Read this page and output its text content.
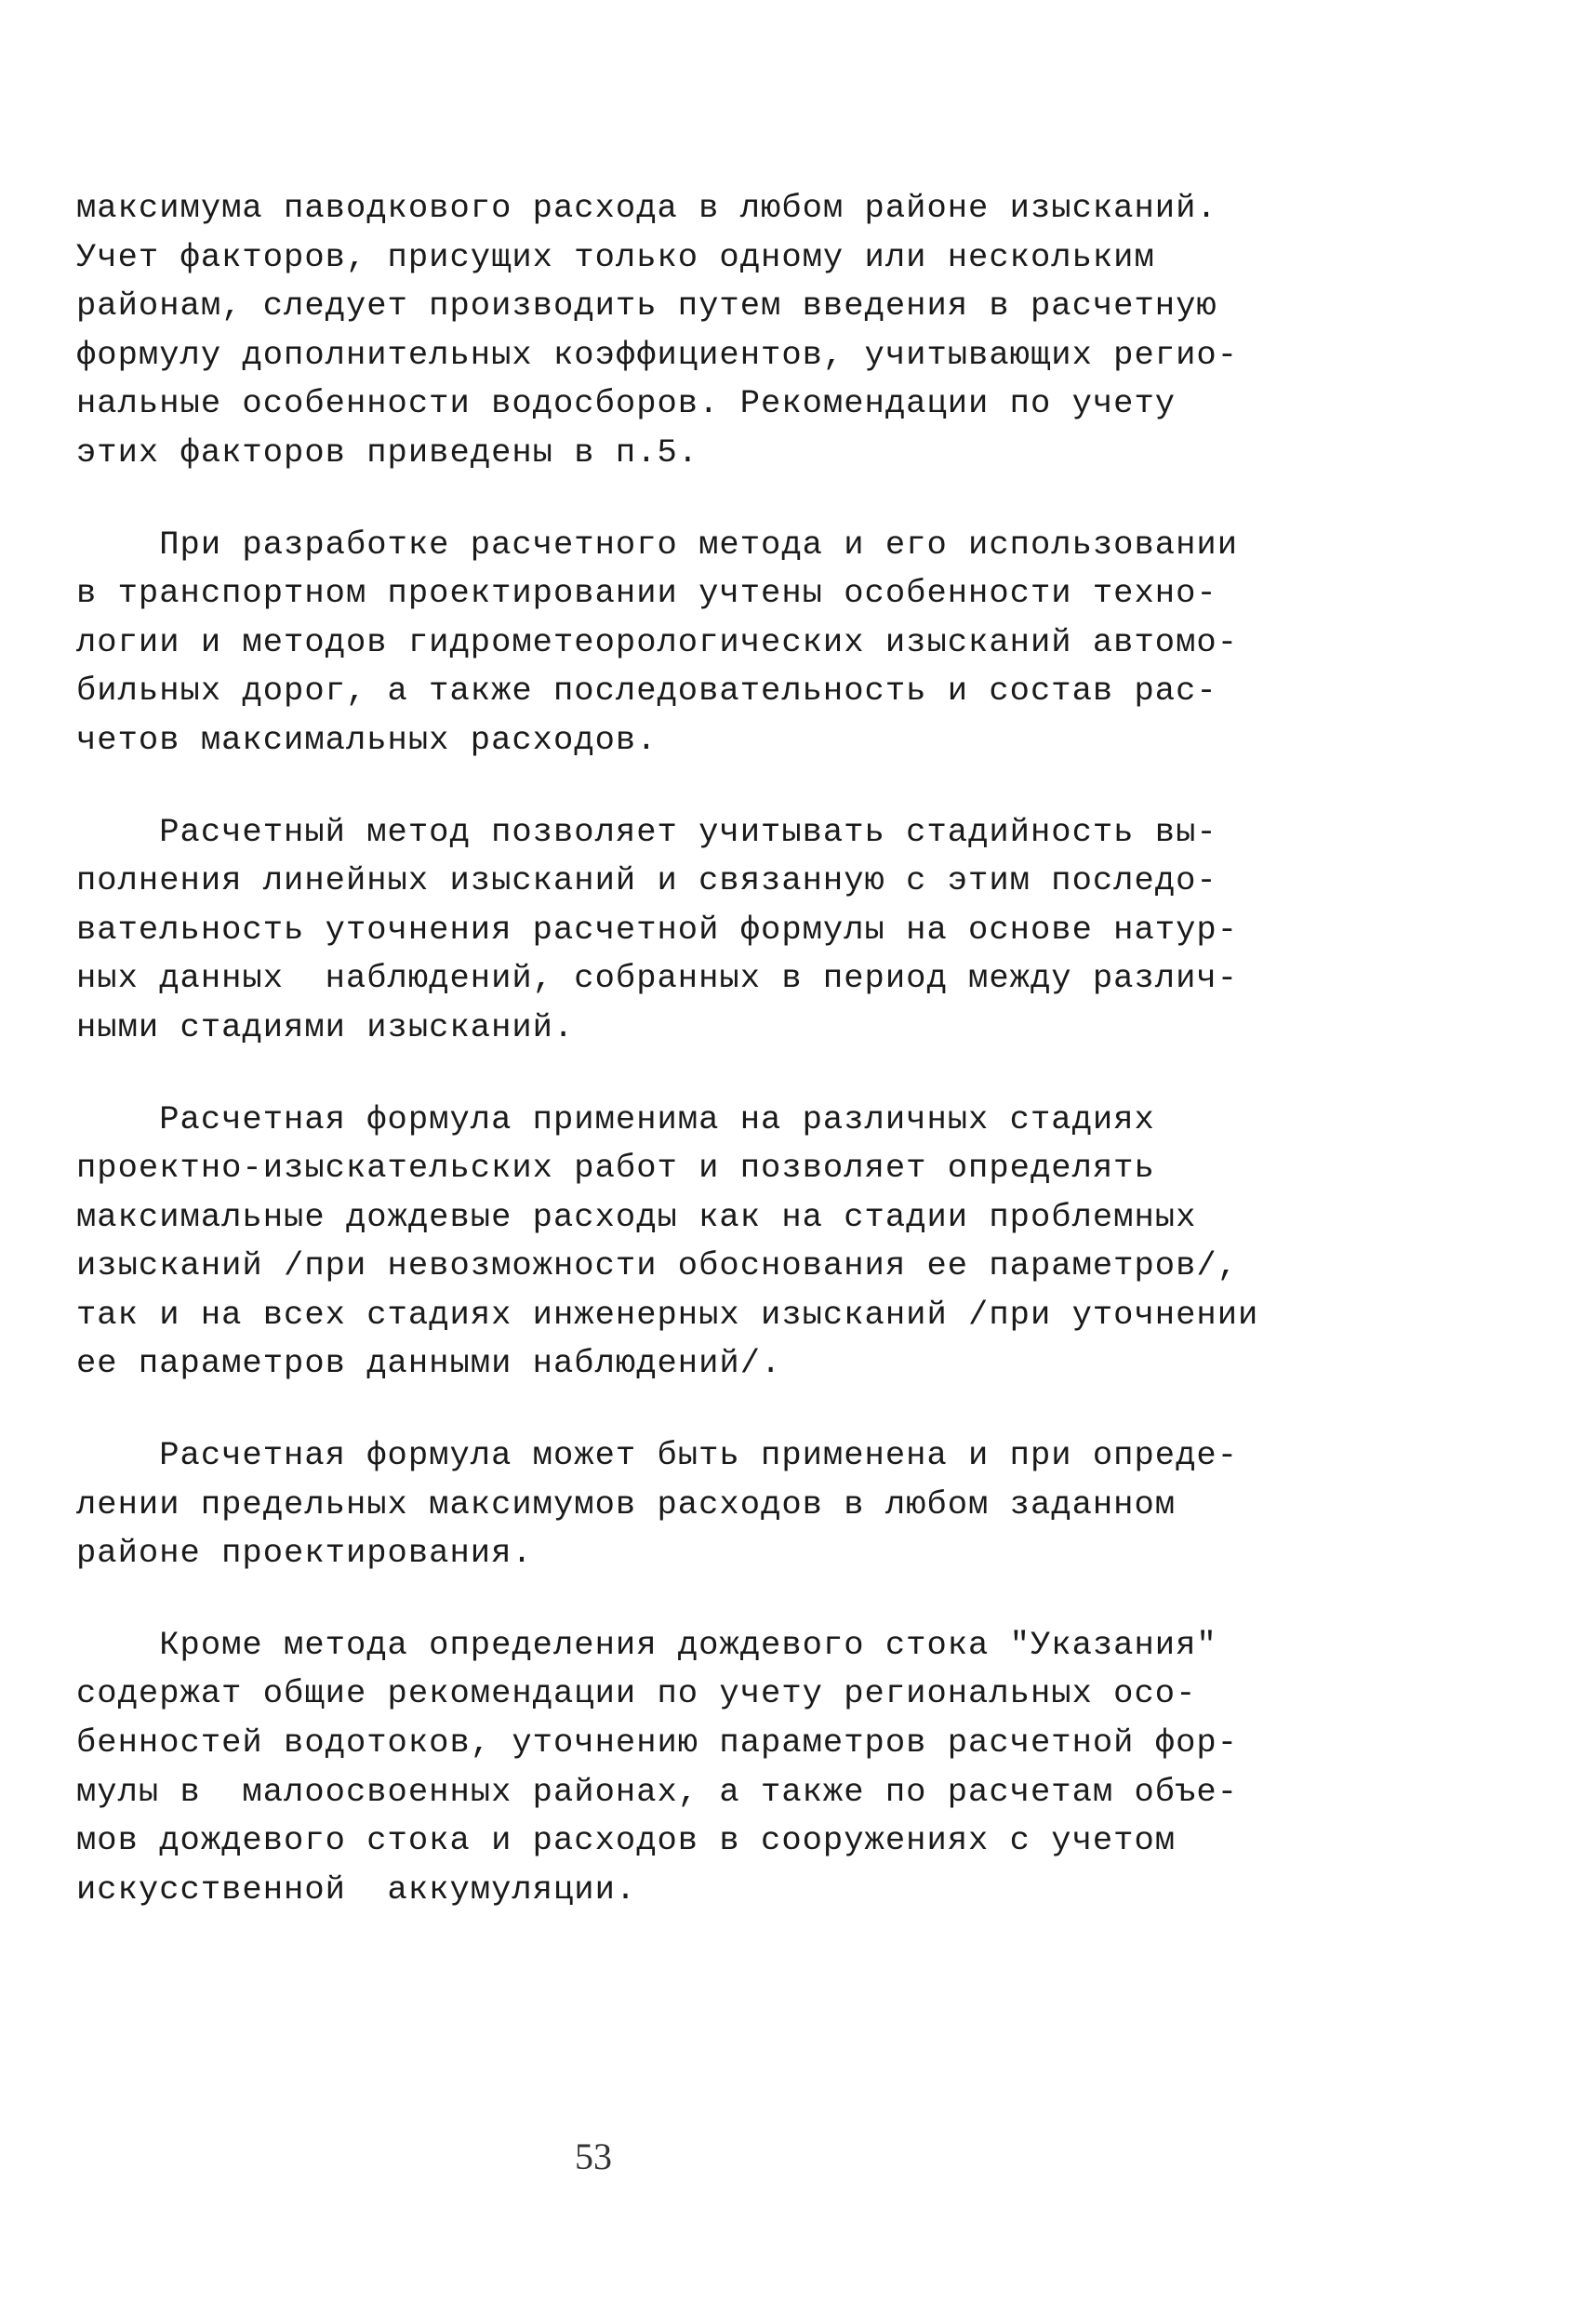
максимума паводкового расхода в любом районе изысканий.
Учет факторов, присущих только одному или нескольким
районам, следует производить путем введения в расчетную
формулу дополнительных коэффициентов, учитывающих регио-
нальные особенности водосборов. Рекомендации по учету
этих факторов приведены в п.5.
При разработке расчетного метода и его использовании
в транспортном проектировании учтены особенности техно-
логии и методов гидрометеорологических изысканий автомо-
бильных дорог, а также последовательность и состав рас-
четов максимальных расходов.
Расчетный метод позволяет учитывать стадийность вы-
полнения линейных изысканий и связанную с этим последо-
вательность уточнения расчетной формулы на основе натур-
ных данных  наблюдений, собранных в период между различ-
ными стадиями изысканий.
Расчетная формула применима на различных стадиях
проектно-изыскательских работ и позволяет определять
максимальные дождевые расходы как на стадии проблемных
изысканий /при невозможности обоснования ее параметров/,
так и на всех стадиях инженерных изысканий /при уточнении
ее параметров данными наблюдений/.
Расчетная формула может быть применена и при опреде-
лении предельных максимумов расходов в любом заданном
районе проектирования.
Кроме метода определения дождевого стока "Указания"
содержат общие рекомендации по учету региональных осо-
бенностей водотоков, уточнению параметров расчетной фор-
мулы в  малоосвоенных районах, а также по расчетам объе-
мов дождевого стока и расходов в сооружениях с учетом
искусственной  аккумуляции.
53
